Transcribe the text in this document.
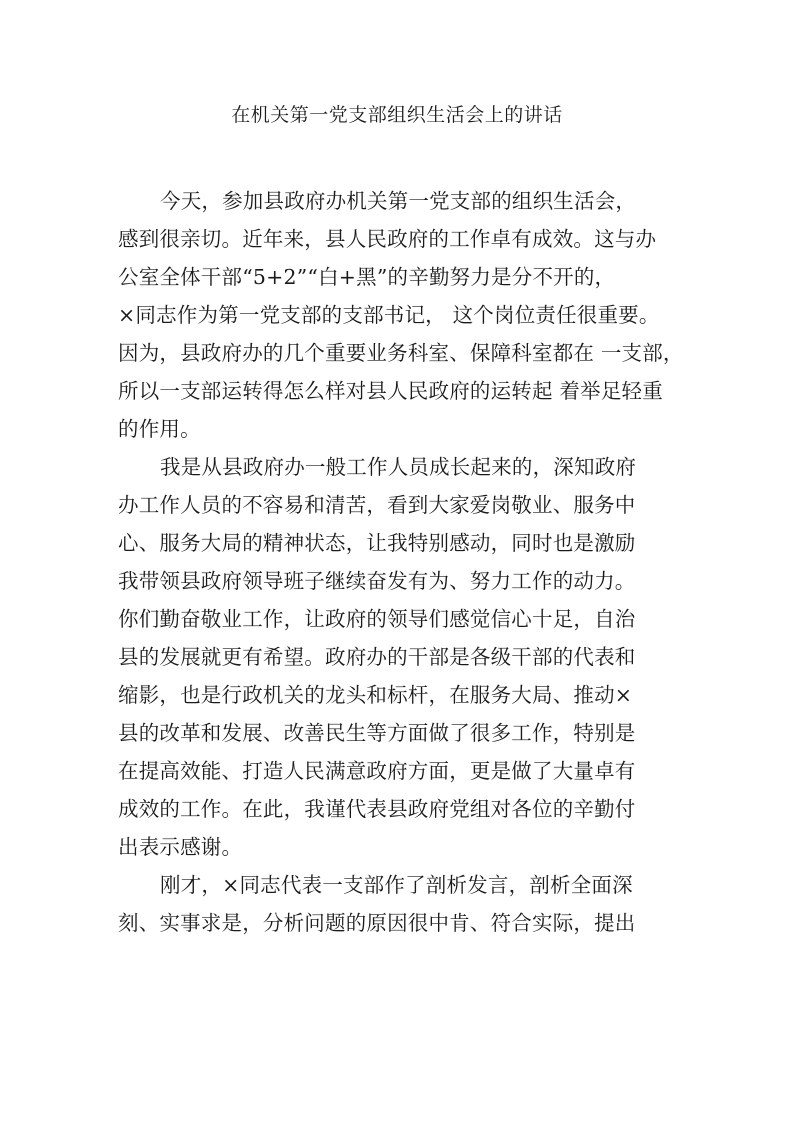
在机关第一党支部组织生活会上的讲话
今天，参加县政府办机关第一党支部的组织生活会，
感到很亲切。近年来，县人民政府的工作卓有成效。这与办
公室全体干部“5+2”“白+黑”的辛勤努力是分不开的，
×同志作为第一党支部的支部书记， 这个岗位责任很重要。
因为，县政府办的几个重要业务科室、保障科室都在 一支部，
所以一支部运转得怎么样对县人民政府的运转起 着举足轻重
的作用。
我是从县政府办一般工作人员成长起来的，深知政府
办工作人员的不容易和清苦，看到大家爱岗敬业、服务中
心、服务大局的精神状态，让我特别感动，同时也是激励
我带领县政府领导班子继续奋发有为、努力工作的动力。
你们勤奋敬业工作，让政府的领导们感觉信心十足，自治
县的发展就更有希望。政府办的干部是各级干部的代表和
缩影，也是行政机关的龙头和标杆，在服务大局、推动×
县的改革和发展、改善民生等方面做了很多工作，特别是
在提高效能、打造人民满意政府方面，更是做了大量卓有
成效的工作。在此，我谨代表县政府党组对各位的辛勤付
出表示感谢。
刚才，×同志代表一支部作了剖析发言，剖析全面深
刻、实事求是，分析问题的原因很中肯、符合实际，提出
